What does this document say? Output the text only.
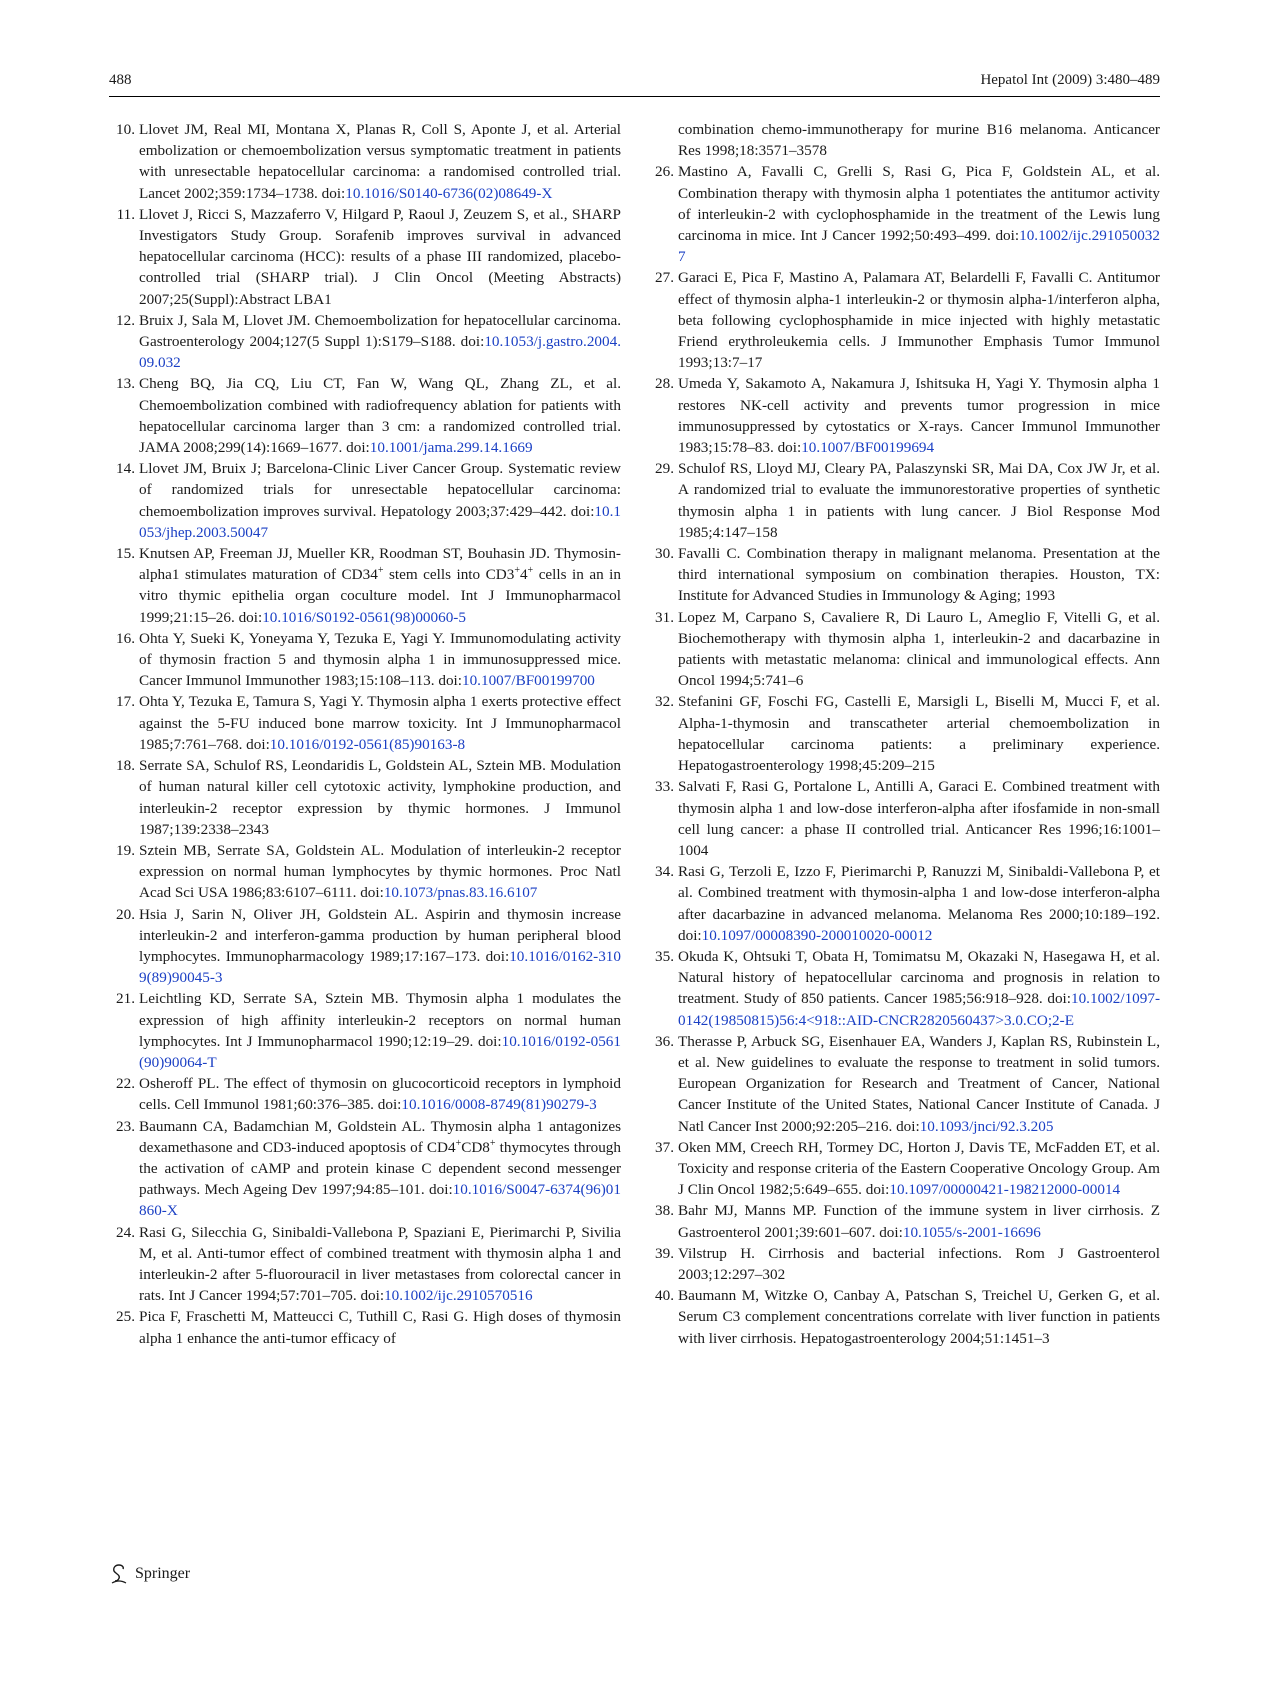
488	Hepatol Int (2009) 3:480–489

10. Llovet JM, Real MI, Montana X, Planas R, Coll S, Aponte J, et al. Arterial embolization or chemoembolization versus symptomatic treatment in patients with unresectable hepatocellular carcinoma: a randomised controlled trial. Lancet 2002;359:1734–1738. doi:10.1016/S0140-6736(02)08649-X

11. Llovet J, Ricci S, Mazzaferro V, Hilgard P, Raoul J, Zeuzem S, et al., SHARP Investigators Study Group. Sorafenib improves survival in advanced hepatocellular carcinoma (HCC): results of a phase III randomized, placebo-controlled trial (SHARP trial). J Clin Oncol (Meeting Abstracts) 2007;25(Suppl):Abstract LBA1

12. Bruix J, Sala M, Llovet JM. Chemoembolization for hepatocellular carcinoma. Gastroenterology 2004;127(5 Suppl 1):S179–S188. doi:10.1053/j.gastro.2004.09.032

13. Cheng BQ, Jia CQ, Liu CT, Fan W, Wang QL, Zhang ZL, et al. Chemoembolization combined with radiofrequency ablation for patients with hepatocellular carcinoma larger than 3 cm: a randomized controlled trial. JAMA 2008;299(14):1669–1677. doi:10.1001/jama.299.14.1669

14. Llovet JM, Bruix J; Barcelona-Clinic Liver Cancer Group. Systematic review of randomized trials for unresectable hepatocellular carcinoma: chemoembolization improves survival. Hepatology 2003;37:429–442. doi:10.1053/jhep.2003.50047

15. Knutsen AP, Freeman JJ, Mueller KR, Roodman ST, Bouhasin JD. Thymosin-alpha1 stimulates maturation of CD34+ stem cells into CD3+4+ cells in an in vitro thymic epithelia organ coculture model. Int J Immunopharmacol 1999;21:15–26. doi:10.1016/S0192-0561(98)00060-5

16. Ohta Y, Sueki K, Yoneyama Y, Tezuka E, Yagi Y. Immunomodulating activity of thymosin fraction 5 and thymosin alpha 1 in immunosuppressed mice. Cancer Immunol Immunother 1983;15:108–113. doi:10.1007/BF00199700

17. Ohta Y, Tezuka E, Tamura S, Yagi Y. Thymosin alpha 1 exerts protective effect against the 5-FU induced bone marrow toxicity. Int J Immunopharmacol 1985;7:761–768. doi:10.1016/0192-0561(85)90163-8

18. Serrate SA, Schulof RS, Leondaridis L, Goldstein AL, Sztein MB. Modulation of human natural killer cell cytotoxic activity, lymphokine production, and interleukin-2 receptor expression by thymic hormones. J Immunol 1987;139:2338–2343

19. Sztein MB, Serrate SA, Goldstein AL. Modulation of interleukin-2 receptor expression on normal human lymphocytes by thymic hormones. Proc Natl Acad Sci USA 1986;83:6107–6111. doi:10.1073/pnas.83.16.6107

20. Hsia J, Sarin N, Oliver JH, Goldstein AL. Aspirin and thymosin increase interleukin-2 and interferon-gamma production by human peripheral blood lymphocytes. Immunopharmacology 1989;17:167–173. doi:10.1016/0162-3109(89)90045-3

21. Leichtling KD, Serrate SA, Sztein MB. Thymosin alpha 1 modulates the expression of high affinity interleukin-2 receptors on normal human lymphocytes. Int J Immunopharmacol 1990;12:19–29. doi:10.1016/0192-0561(90)90064-T

22. Osheroff PL. The effect of thymosin on glucocorticoid receptors in lymphoid cells. Cell Immunol 1981;60:376–385. doi:10.1016/0008-8749(81)90279-3

23. Baumann CA, Badamchian M, Goldstein AL. Thymosin alpha 1 antagonizes dexamethasone and CD3-induced apoptosis of CD4+CD8+ thymocytes through the activation of cAMP and protein kinase C dependent second messenger pathways. Mech Ageing Dev 1997;94:85–101. doi:10.1016/S0047-6374(96)01860-X

24. Rasi G, Silecchia G, Sinibaldi-Vallebona P, Spaziani E, Pierimarchi P, Sivilia M, et al. Anti-tumor effect of combined treatment with thymosin alpha 1 and interleukin-2 after 5-fluorouracil in liver metastases from colorectal cancer in rats. Int J Cancer 1994;57:701–705. doi:10.1002/ijc.2910570516

25. Pica F, Fraschetti M, Matteucci C, Tuthill C, Rasi G. High doses of thymosin alpha 1 enhance the anti-tumor efficacy of

combination chemo-immunotherapy for murine B16 melanoma. Anticancer Res 1998;18:3571–3578

26. Mastino A, Favalli C, Grelli S, Rasi G, Pica F, Goldstein AL, et al. Combination therapy with thymosin alpha 1 potentiates the antitumor activity of interleukin-2 with cyclophosphamide in the treatment of the Lewis lung carcinoma in mice. Int J Cancer 1992;50:493–499. doi:10.1002/ijc.2910500327

27. Garaci E, Pica F, Mastino A, Palamara AT, Belardelli F, Favalli C. Antitumor effect of thymosin alpha-1 interleukin-2 or thymosin alpha-1/interferon alpha, beta following cyclophosphamide in mice injected with highly metastatic Friend erythroleukemia cells. J Immunother Emphasis Tumor Immunol 1993;13:7–17

28. Umeda Y, Sakamoto A, Nakamura J, Ishitsuka H, Yagi Y. Thymosin alpha 1 restores NK-cell activity and prevents tumor progression in mice immunosuppressed by cytostatics or X-rays. Cancer Immunol Immunother 1983;15:78–83. doi:10.1007/BF00199694

29. Schulof RS, Lloyd MJ, Cleary PA, Palaszynski SR, Mai DA, Cox JW Jr, et al. A randomized trial to evaluate the immunorestorative properties of synthetic thymosin alpha 1 in patients with lung cancer. J Biol Response Mod 1985;4:147–158

30. Favalli C. Combination therapy in malignant melanoma. Presentation at the third international symposium on combination therapies. Houston, TX: Institute for Advanced Studies in Immunology & Aging; 1993

31. Lopez M, Carpano S, Cavaliere R, Di Lauro L, Ameglio F, Vitelli G, et al. Biochemotherapy with thymosin alpha 1, interleukin-2 and dacarbazine in patients with metastatic melanoma: clinical and immunological effects. Ann Oncol 1994;5:741–6

32. Stefanini GF, Foschi FG, Castelli E, Marsigli L, Biselli M, Mucci F, et al. Alpha-1-thymosin and transcatheter arterial chemoembolization in hepatocellular carcinoma patients: a preliminary experience. Hepatogastroenterology 1998;45:209–215

33. Salvati F, Rasi G, Portalone L, Antilli A, Garaci E. Combined treatment with thymosin alpha 1 and low-dose interferon-alpha after ifosfamide in non-small cell lung cancer: a phase II controlled trial. Anticancer Res 1996;16:1001–1004

34. Rasi G, Terzoli E, Izzo F, Pierimarchi P, Ranuzzi M, Sinibaldi-Vallebona P, et al. Combined treatment with thymosin-alpha 1 and low-dose interferon-alpha after dacarbazine in advanced melanoma. Melanoma Res 2000;10:189–192. doi:10.1097/00008390-200010020-00012

35. Okuda K, Ohtsuki T, Obata H, Tomimatsu M, Okazaki N, Hasegawa H, et al. Natural history of hepatocellular carcinoma and prognosis in relation to treatment. Study of 850 patients. Cancer 1985;56:918–928. doi:10.1002/1097-0142(19850815)56:4<918::AID-CNCR2820560437>3.0.CO;2-E

36. Therasse P, Arbuck SG, Eisenhauer EA, Wanders J, Kaplan RS, Rubinstein L, et al. New guidelines to evaluate the response to treatment in solid tumors. European Organization for Research and Treatment of Cancer, National Cancer Institute of the United States, National Cancer Institute of Canada. J Natl Cancer Inst 2000;92:205–216. doi:10.1093/jnci/92.3.205

37. Oken MM, Creech RH, Tormey DC, Horton J, Davis TE, McFadden ET, et al. Toxicity and response criteria of the Eastern Cooperative Oncology Group. Am J Clin Oncol 1982;5:649–655. doi:10.1097/00000421-198212000-00014

38. Bahr MJ, Manns MP. Function of the immune system in liver cirrhosis. Z Gastroenterol 2001;39:601–607. doi:10.1055/s-2001-16696

39. Vilstrup H. Cirrhosis and bacterial infections. Rom J Gastroenterol 2003;12:297–302

40. Baumann M, Witzke O, Canbay A, Patschan S, Treichel U, Gerken G, et al. Serum C3 complement concentrations correlate with liver function in patients with liver cirrhosis. Hepatogastroenterology 2004;51:1451–3

Springer
